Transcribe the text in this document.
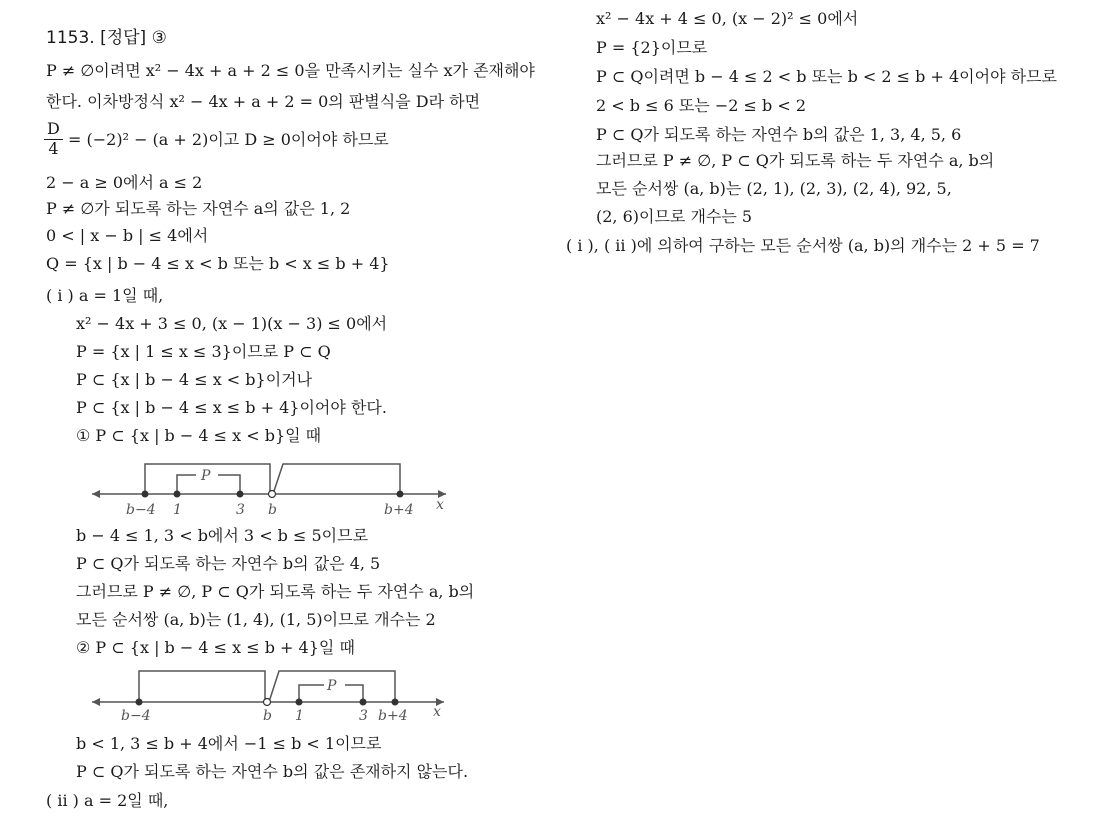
1153. [정답] ③
P ≠ ∅이려면 x² − 4x + a + 2 ≤ 0을 만족시키는 실수 x가 존재해야
한다. 이차방정식 x² − 4x + a + 2 = 0의 판별식을 D라 하면
$\frac{D}{4} = (-2)^2 - (a + 2)$이고 D ≥ 0이어야 하므로
2 − a ≥ 0에서 a ≤ 2
P ≠ ∅가 되도록 하는 자연수 a의 값은 1, 2
0 < | x − b | ≤ 4에서
Q = {x | b − 4 ≤ x < b 또는 b < x ≤ b + 4}
( i ) a = 1일 때,
x² − 4x + 3 ≤ 0, (x − 1)(x − 3) ≤ 0에서
P = {x | 1 ≤ x ≤ 3}이므로 P ⊂ Q
P ⊂ {x | b − 4 ≤ x < b}이거나
P ⊂ {x | b − 4 ≤ x ≤ b + 4}이어야 한다.
① P ⊂ {x | b − 4 ≤ x < b}일 때
P
b−4 1	3 b	b+4 x
b − 4 ≤ 1, 3 < b에서 3 < b ≤ 5이므로
P ⊂ Q가 되도록 하는 자연수 b의 값은 4, 5
그러므로 P ≠ ∅, P ⊂ Q가 되도록 하는 두 자연수 a, b의
모든 순서쌍 (a, b)는 (1, 4), (1, 5)이므로 개수는 2
② P ⊂ {x | b − 4 ≤ x ≤ b + 4}일 때
P
b−4	b 1	3 b+4 x
b < 1, 3 ≤ b + 4에서 −1 ≤ b < 1이므로
P ⊂ Q가 되도록 하는 자연수 b의 값은 존재하지 않는다.
( ii ) a = 2일 때,
x² − 4x + 4 ≤ 0, (x − 2)² ≤ 0에서
P = {2}이므로
P ⊂ Q이려면 b − 4 ≤ 2 < b 또는 b < 2 ≤ b + 4이어야 하므로
2 < b ≤ 6 또는 −2 ≤ b < 2
P ⊂ Q가 되도록 하는 자연수 b의 값은 1, 3, 4, 5, 6
그러므로 P ≠ ∅, P ⊂ Q가 되도록 하는 두 자연수 a, b의
모든 순서쌍 (a, b)는 (2, 1), (2, 3), (2, 4), 92, 5,
(2, 6)이므로 개수는 5
( i ), ( ii )에 의하여 구하는 모든 순서쌍 (a, b)의 개수는 2 + 5 = 7
